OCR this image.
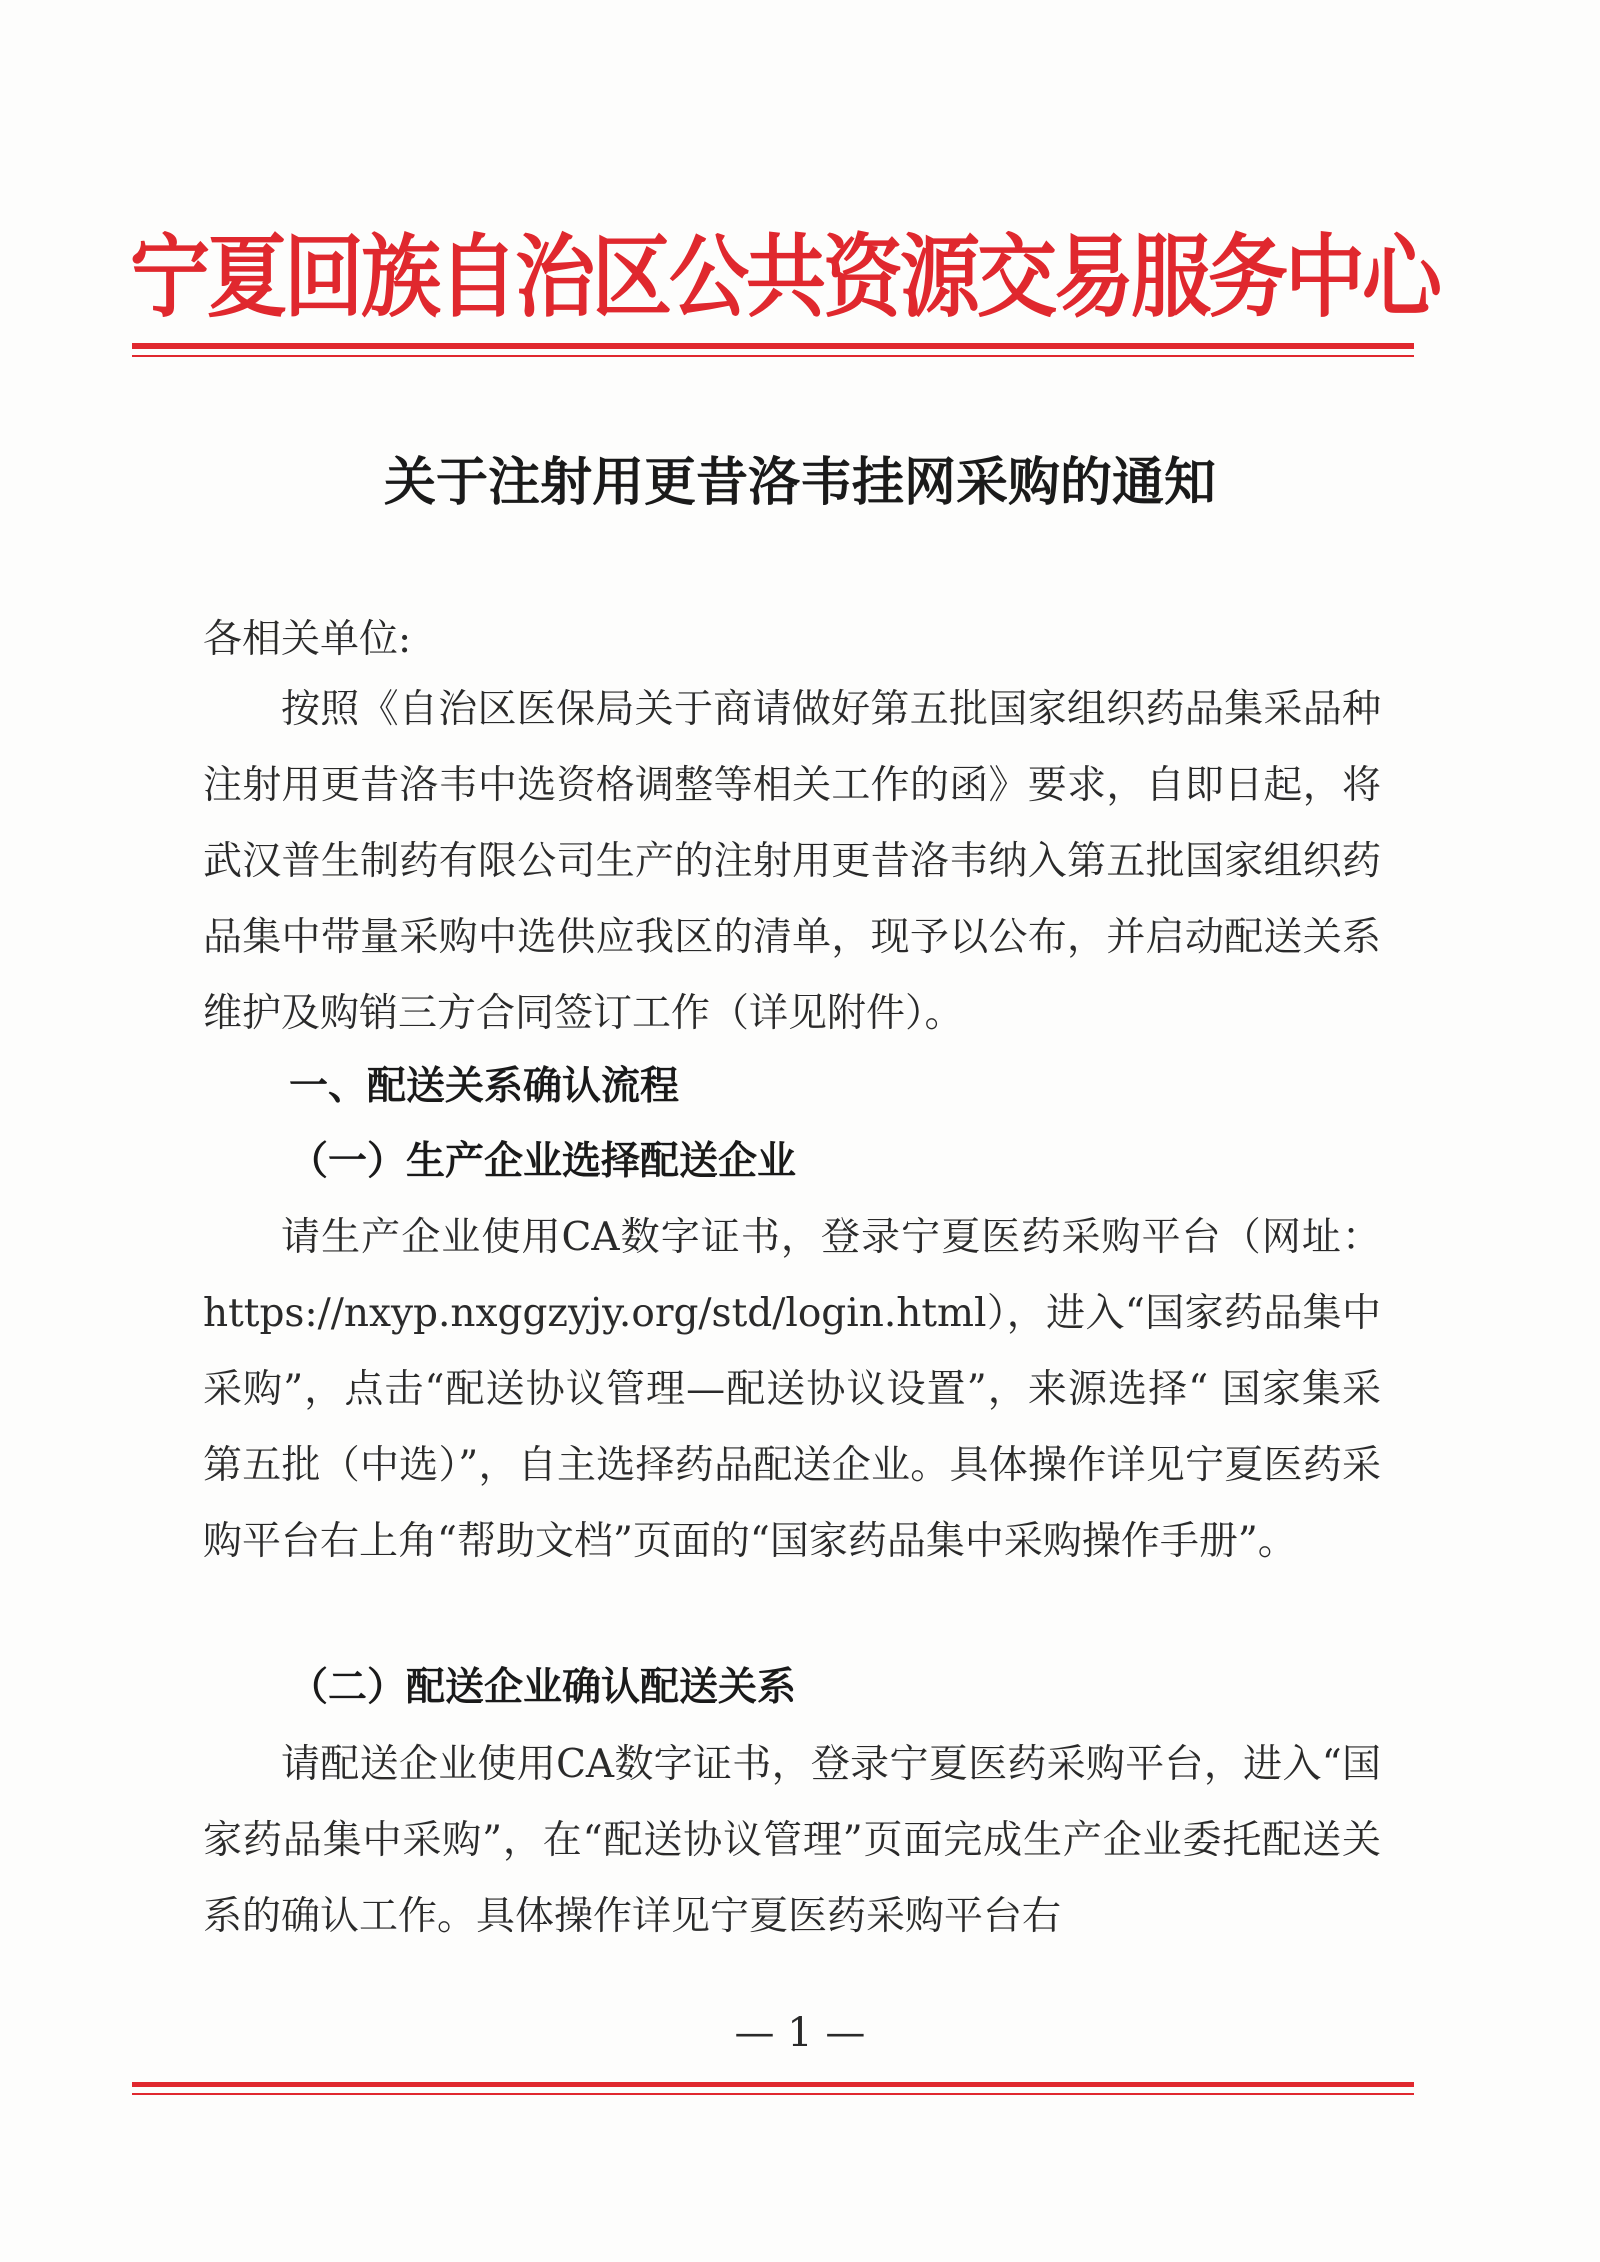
宁夏回族自治区公共资源交易服务中心
关于注射用更昔洛韦挂网采购的通知
各相关单位:

按照《自治区医保局关于商请做好第五批国家组织药品集采品种注射用更昔洛韦中选资格调整等相关工作的函》要求，自即日起，将武汉普生制药有限公司生产的注射用更昔洛韦纳入第五批国家组织药品集中带量采购中选供应我区的清单，现予以公布，并启动配送关系维护及购销三方合同签订工作（详见附件）。

一、配送关系确认流程
（一）生产企业选择配送企业

请生产企业使用CA数字证书，登录宁夏医药采购平台（网址：https://nxyp.nxggzyjy.org/std/login.html），进入“国家药品集中采购”，点击“配送协议管理—配送协议设置”，来源选择“ 国家集采第五批（中选）”，自主选择药品配送企业。具体操作详见宁夏医药采购平台右上角“帮助文档”页面的“国家药品集中采购操作手册”。

（二）配送企业确认配送关系

请配送企业使用CA数字证书，登录宁夏医药采购平台，进入“国家药品集中采购”，在“配送协议管理”页面完成生产企业委托配送关系的确认工作。具体操作详见宁夏医药采购平台右

— 1 —
